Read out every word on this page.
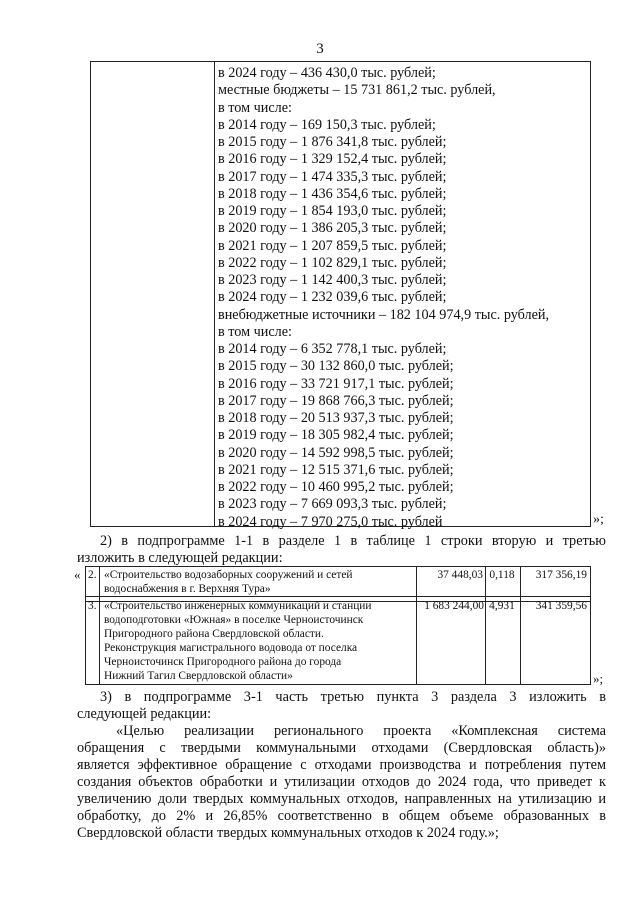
3
в 2024 году – 436 430,0 тыс. рублей;
местные бюджеты – 15 731 861,2 тыс. рублей,
в том числе:
в 2014 году – 169 150,3 тыс. рублей;
в 2015 году – 1 876 341,8 тыс. рублей;
в 2016 году – 1 329 152,4 тыс. рублей;
в 2017 году – 1 474 335,3 тыс. рублей;
в 2018 году – 1 436 354,6 тыс. рублей;
в 2019 году – 1 854 193,0 тыс. рублей;
в 2020 году – 1 386 205,3 тыс. рублей;
в 2021 году – 1 207 859,5 тыс. рублей;
в 2022 году – 1 102 829,1 тыс. рублей;
в 2023 году – 1 142 400,3 тыс. рублей;
в 2024 году – 1 232 039,6 тыс. рублей;
внебюджетные источники – 182 104 974,9 тыс. рублей,
в том числе:
в 2014 году – 6 352 778,1 тыс. рублей;
в 2015 году – 30 132 860,0 тыс. рублей;
в 2016 году – 33 721 917,1 тыс. рублей;
в 2017 году – 19 868 766,3 тыс. рублей;
в 2018 году – 20 513 937,3 тыс. рублей;
в 2019 году – 18 305 982,4 тыс. рублей;
в 2020 году – 14 592 998,5 тыс. рублей;
в 2021 году – 12 515 371,6 тыс. рублей;
в 2022 году – 10 460 995,2 тыс. рублей;
в 2023 году – 7 669 093,3 тыс. рублей;
в 2024 году – 7 970 275,0 тыс. рублей	»;
2) в подпрограмме 1-1 в разделе 1 в таблице 1 строки вторую и третью
изложить в следующей редакции:
« 2. «Строительство водозаборных сооружений и сетей
водоснабжения в г. Верхняя Тура»
37 448,03 0,118	317 356,19
3. «Строительство инженерных коммуникаций и станции
водоподготовки «Южная» в поселке Черноисточинск
Пригородного района Свердловской области.
Реконструкция магистрального водовода от поселка
Черноисточинск Пригородного района до города
Нижний Тагил Свердловской области»
1 683 244,00 4,931	341 359,56
»;
3) в подпрограмме 3-1 часть третью пункта 3 раздела 3 изложить в
следующей редакции:
«Целью реализации регионального проекта «Комплексная система
обращения с твердыми коммунальными отходами (Свердловская область)»
является эффективное обращение с отходами производства и потребления путем
создания объектов обработки и утилизации отходов до 2024 года, что приведет к
увеличению доли твердых коммунальных отходов, направленных на утилизацию и
обработку, до 2% и 26,85% соответственно в общем объеме образованных в
Свердловской области твердых коммунальных отходов к 2024 году.»;
